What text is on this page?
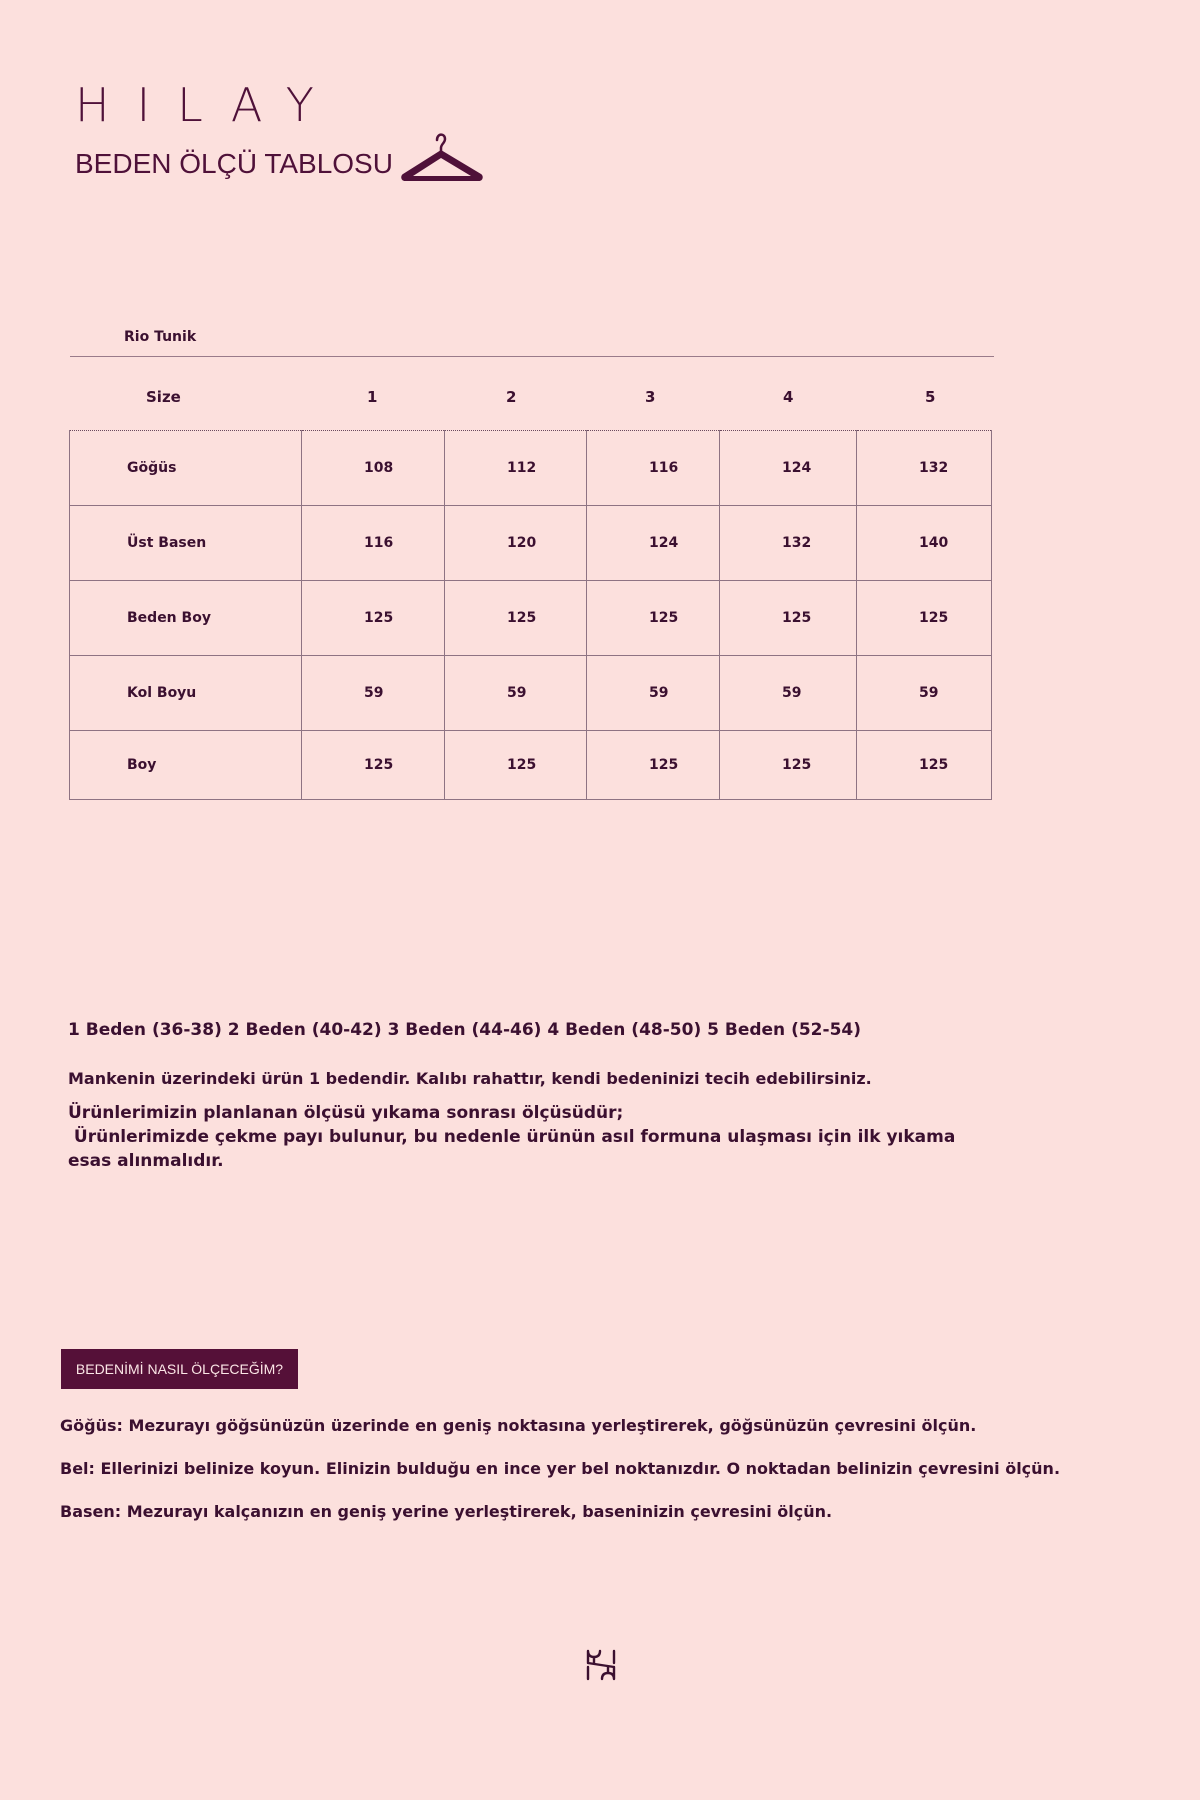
HILAY
BEDEN ÖLÇÜ TABLOSU
Rio Tunik
Size	1	2	3	4	5
Göğüs	108	112	116	124	132
Üst Basen	116	120	124	132	140
Beden Boy	125	125	125	125	125
Kol Boyu	59	59	59	59	59
Boy	125	125	125	125	125
1 Beden (36-38) 2 Beden (40-42) 3 Beden (44-46) 4 Beden (48-50) 5 Beden (52-54)
Mankenin üzerindeki ürün 1 bedendir. Kalıbı rahattır, kendi bedeninizi tecih edebilirsiniz.

Ürünlerimizin planlanan ölçüsü yıkama sonrası ölçüsüdür;

Ürünlerimizde çekme payı bulunur, bu nedenle ürünün asıl formuna ulaşması için ilk yıkama

esas alınmalıdır.

BEDENİMİ NASIL ÖLÇECEĞİM?
Göğüs: Mezurayı göğsünüzün üzerinde en geniş noktasına yerleştirerek, göğsünüzün çevresini ölçün.
Bel: Ellerinizi belinize koyun. Elinizin bulduğu en ince yer bel noktanızdır. O noktadan belinizin çevresini ölçün.
Basen: Mezurayı kalçanızın en geniş yerine yerleştirerek, baseninizin çevresini ölçün.
